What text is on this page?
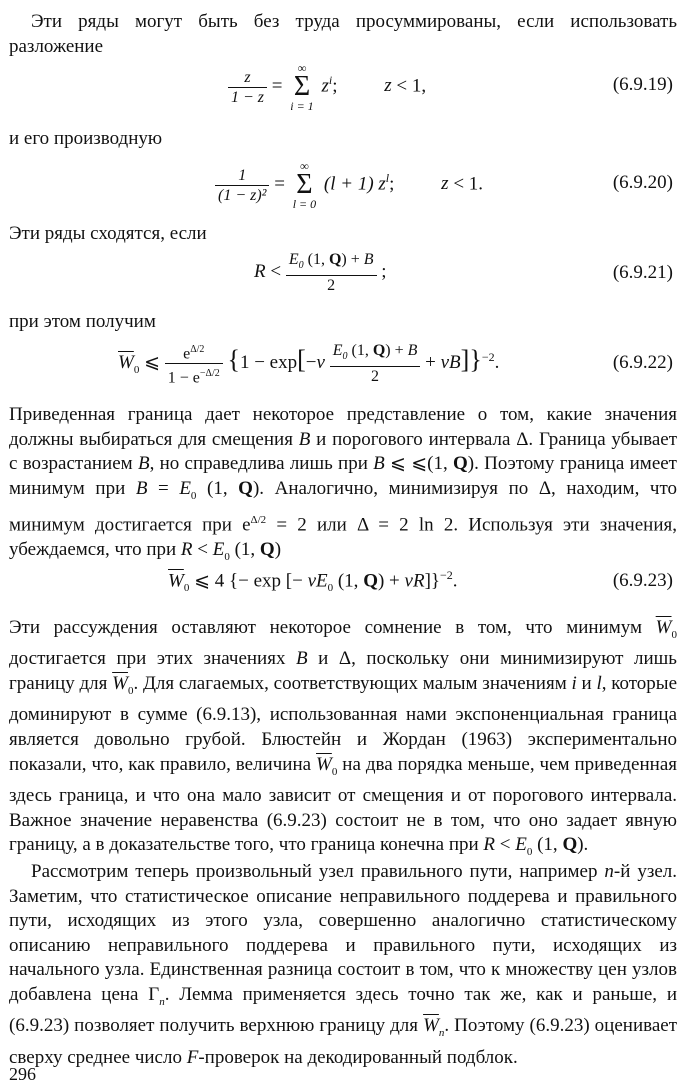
Эти ряды могут быть без труда просуммированы, если использовать разложение

$\frac{z}{1 - z}$ =
∞
Σ
i = 1
$z^i$; z < 1,	(6.9.19)

и его производную

$\frac{1}{\text{(1 − z)²}}$ =
∞
Σ
l = 0
(l + 1) $z^l$; z < 1.	(6.9.20)

Эти ряды сходятся, если

$R < \frac{E_0 (1, Q) + B}{2}$ ;	(6.9.21)

при этом получим

$\overline{W}_0$ ⩽ $\frac{e^{\Delta/2}}{1 - e^{-\Delta/2}} \{1 - \exp[-\nu \frac{E_0 (1, Q) + B}{2} + \nu B]\}^{-2}$.	(6.9.22)

Приведенная граница дает некоторое представление о том, какие значения должны выбираться для смещения B и порогового интервала Δ. Граница убывает с возрастанием B, но справедлива лишь при B ⩽ ⩽(1, Q). Поэтому граница имеет минимум при $B = E_0$ (1, Q). Аналогично, минимизируя по Δ, находим, что минимум достигается при $e^{\Delta/2} = 2$ или Δ = 2 ln 2. Используя эти значения, убеждаемся, что при $R < E_0$ (1, Q)

$\overline{W}_0$ ⩽ 4 {− exp [− $\nu E_0$ (1, Q) + νR]}$^{-2}$.	(6.9.23)

Эти рассуждения оставляют некоторое сомнение в том, что минимум $\overline{W}_0$ достигается при этих значениях B и Δ, поскольку они минимизируют лишь границу для $\overline{W}_0$. Для слагаемых, соответствующих малым значениям i и l, которые доминируют в сумме (6.9.13), использованная нами экспоненциальная граница является довольно грубой. Блюстейн и Жордан (1963) экспериментально показали, что, как правило, величина $\overline{W}_0$ на два порядка меньше, чем приведенная здесь граница, и что она мало зависит от смещения и от порогового интервала. Важное значение неравенства (6.9.23) состоит не в том, что оно задает явную границу, а в доказательстве того, что граница конечна при $R < E_0$ (1, Q).

Рассмотрим теперь произвольный узел правильного пути, например n-й узел. Заметим, что статистическое описание неправильного поддерева и правильного пути, исходящих из этого узла, совершенно аналогично статистическому описанию неправильного поддерева и правильного пути, исходящих из начального узла. Единственная разница состоит в том, что к множеству цен узлов добавлена цена $\Gamma_n$. Лемма применяется здесь точно так же, как и раньше, и (6.9.23) позволяет получить верхнюю границу для $\overline{W}_n$. Поэтому (6.9.23) оценивает сверху среднее число F-проверок на декодированный подблок.

296
